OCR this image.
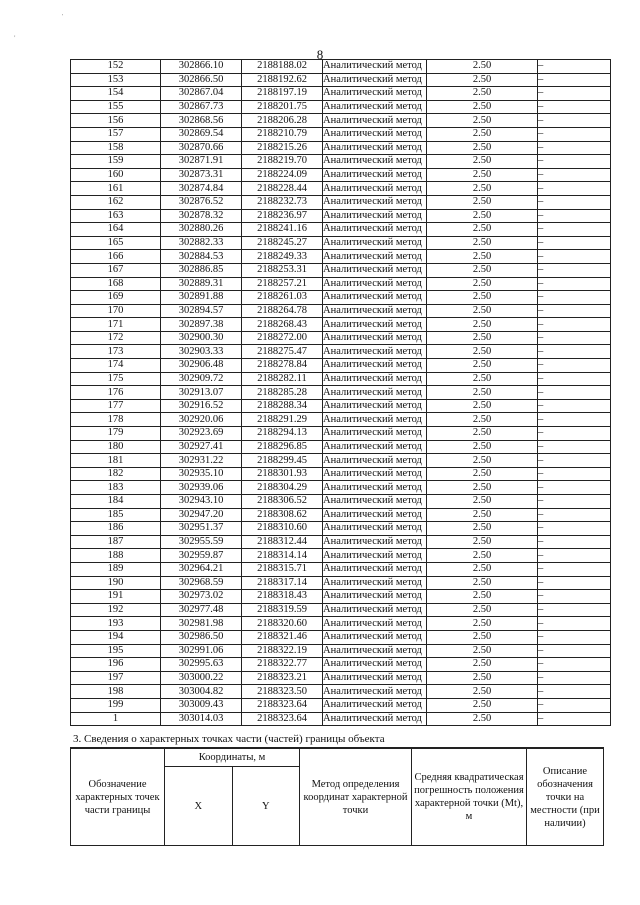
,
'
8
152	302866.10	2188188.02	Аналитический метод	2.50	–
153	302866.50	2188192.62	Аналитический метод	2.50	–
154	302867.04	2188197.19	Аналитический метод	2.50	–
155	302867.73	2188201.75	Аналитический метод	2.50	–
156	302868.56	2188206.28	Аналитический метод	2.50	–
157	302869.54	2188210.79	Аналитический метод	2.50	–
158	302870.66	2188215.26	Аналитический метод	2.50	–
159	302871.91	2188219.70	Аналитический метод	2.50	–
160	302873.31	2188224.09	Аналитический метод	2.50	–
161	302874.84	2188228.44	Аналитический метод	2.50	–
162	302876.52	2188232.73	Аналитический метод	2.50	–
163	302878.32	2188236.97	Аналитический метод	2.50	–
164	302880.26	2188241.16	Аналитический метод	2.50	–
165	302882.33	2188245.27	Аналитический метод	2.50	–
166	302884.53	2188249.33	Аналитический метод	2.50	–
167	302886.85	2188253.31	Аналитический метод	2.50	–
168	302889.31	2188257.21	Аналитический метод	2.50	–
169	302891.88	2188261.03	Аналитический метод	2.50	–
170	302894.57	2188264.78	Аналитический метод	2.50	–
171	302897.38	2188268.43	Аналитический метод	2.50	–
172	302900.30	2188272.00	Аналитический метод	2.50	–
173	302903.33	2188275.47	Аналитический метод	2.50	–
174	302906.48	2188278.84	Аналитический метод	2.50	–
175	302909.72	2188282.11	Аналитический метод	2.50	–
176	302913.07	2188285.28	Аналитический метод	2.50	–
177	302916.52	2188288.34	Аналитический метод	2.50	–
178	302920.06	2188291.29	Аналитический метод	2.50	–
179	302923.69	2188294.13	Аналитический метод	2.50	–
180	302927.41	2188296.85	Аналитический метод	2.50	–
181	302931.22	2188299.45	Аналитический метод	2.50	–
182	302935.10	2188301.93	Аналитический метод	2.50	–
183	302939.06	2188304.29	Аналитический метод	2.50	–
184	302943.10	2188306.52	Аналитический метод	2.50	–
185	302947.20	2188308.62	Аналитический метод	2.50	–
186	302951.37	2188310.60	Аналитический метод	2.50	–
187	302955.59	2188312.44	Аналитический метод	2.50	–
188	302959.87	2188314.14	Аналитический метод	2.50	–
189	302964.21	2188315.71	Аналитический метод	2.50	–
190	302968.59	2188317.14	Аналитический метод	2.50	–
191	302973.02	2188318.43	Аналитический метод	2.50	–
192	302977.48	2188319.59	Аналитический метод	2.50	–
193	302981.98	2188320.60	Аналитический метод	2.50	–
194	302986.50	2188321.46	Аналитический метод	2.50	–
195	302991.06	2188322.19	Аналитический метод	2.50	–
196	302995.63	2188322.77	Аналитический метод	2.50	–
197	303000.22	2188323.21	Аналитический метод	2.50	–
198	303004.82	2188323.50	Аналитический метод	2.50	–
199	303009.43	2188323.64	Аналитический метод	2.50	–
1	303014.03	2188323.64	Аналитический метод	2.50	–
3. Сведения о характерных точках части (частей) границы объекта
Обозначение характерных точек части границы	Координаты, м		Метод определения координат характерной точки	Средняя квадратическая погрешность положения характерной точки (Mt), м	Описание обозначения точки на местности (при наличии)
	X	Y			
